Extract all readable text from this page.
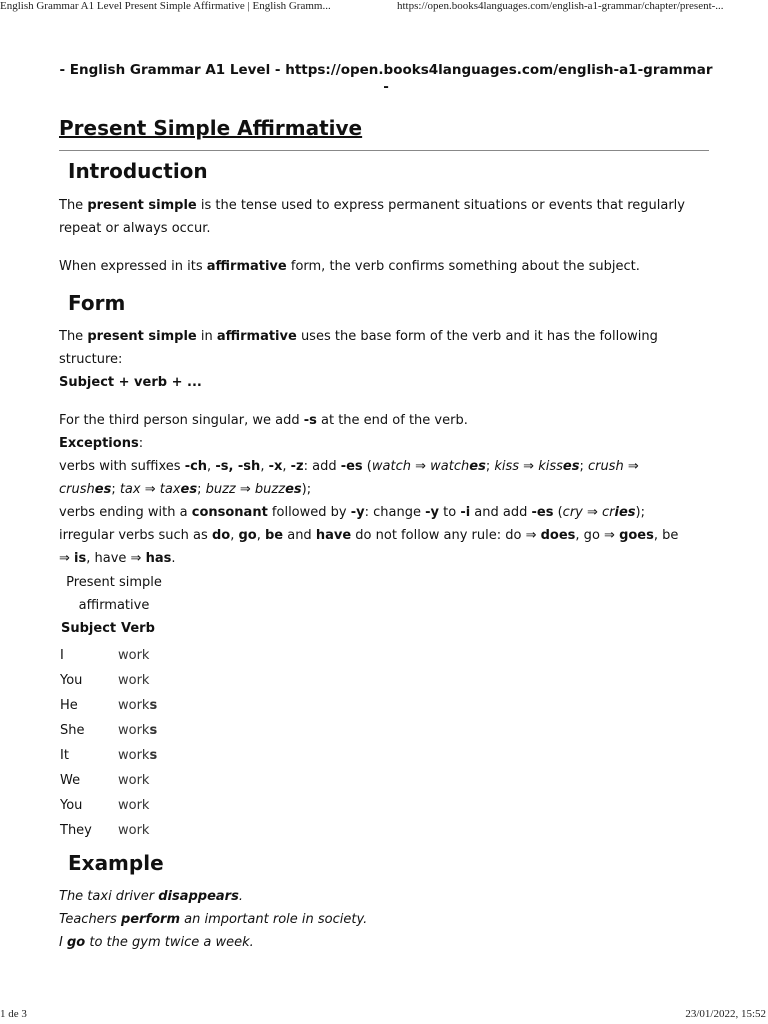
English Grammar A1 Level Present Simple Affirmative | English Gramm...	https://open.books4languages.com/english-a1-grammar/chapter/present-...
- English Grammar A1 Level - https://open.books4languages.com/english-a1-grammar
-
Present Simple Affirmative
Introduction
The present simple is the tense used to express permanent situations or events that regularly
repeat or always occur.
When expressed in its affirmative form, the verb confirms something about the subject.
Form
The present simple in affirmative uses the base form of the verb and it has the following
structure:
Subject + verb + ...
For the third person singular, we add -s at the end of the verb.
Exceptions:
verbs with suffixes -ch, -s, -sh, -x, -z: add -es (watch ⇒ watches; kiss ⇒ kisses; crush ⇒
crushes; tax ⇒ taxes; buzz ⇒ buzzes);
verbs ending with a consonant followed by -y: change -y to -i and add -es (cry ⇒ cries);
irregular verbs such as do, go, be and have do not follow any rule: do ⇒ does, go ⇒ goes, be
⇒ is, have ⇒ has.
Present simple
affirmative
Subject Verb
I	work
You	work
He	works
She	works
It	works
We	work
You	work
They work
Example
The taxi driver disappears.
Teachers perform an important role in society.
I go to the gym twice a week.
1 de 3	23/01/2022, 15:52
